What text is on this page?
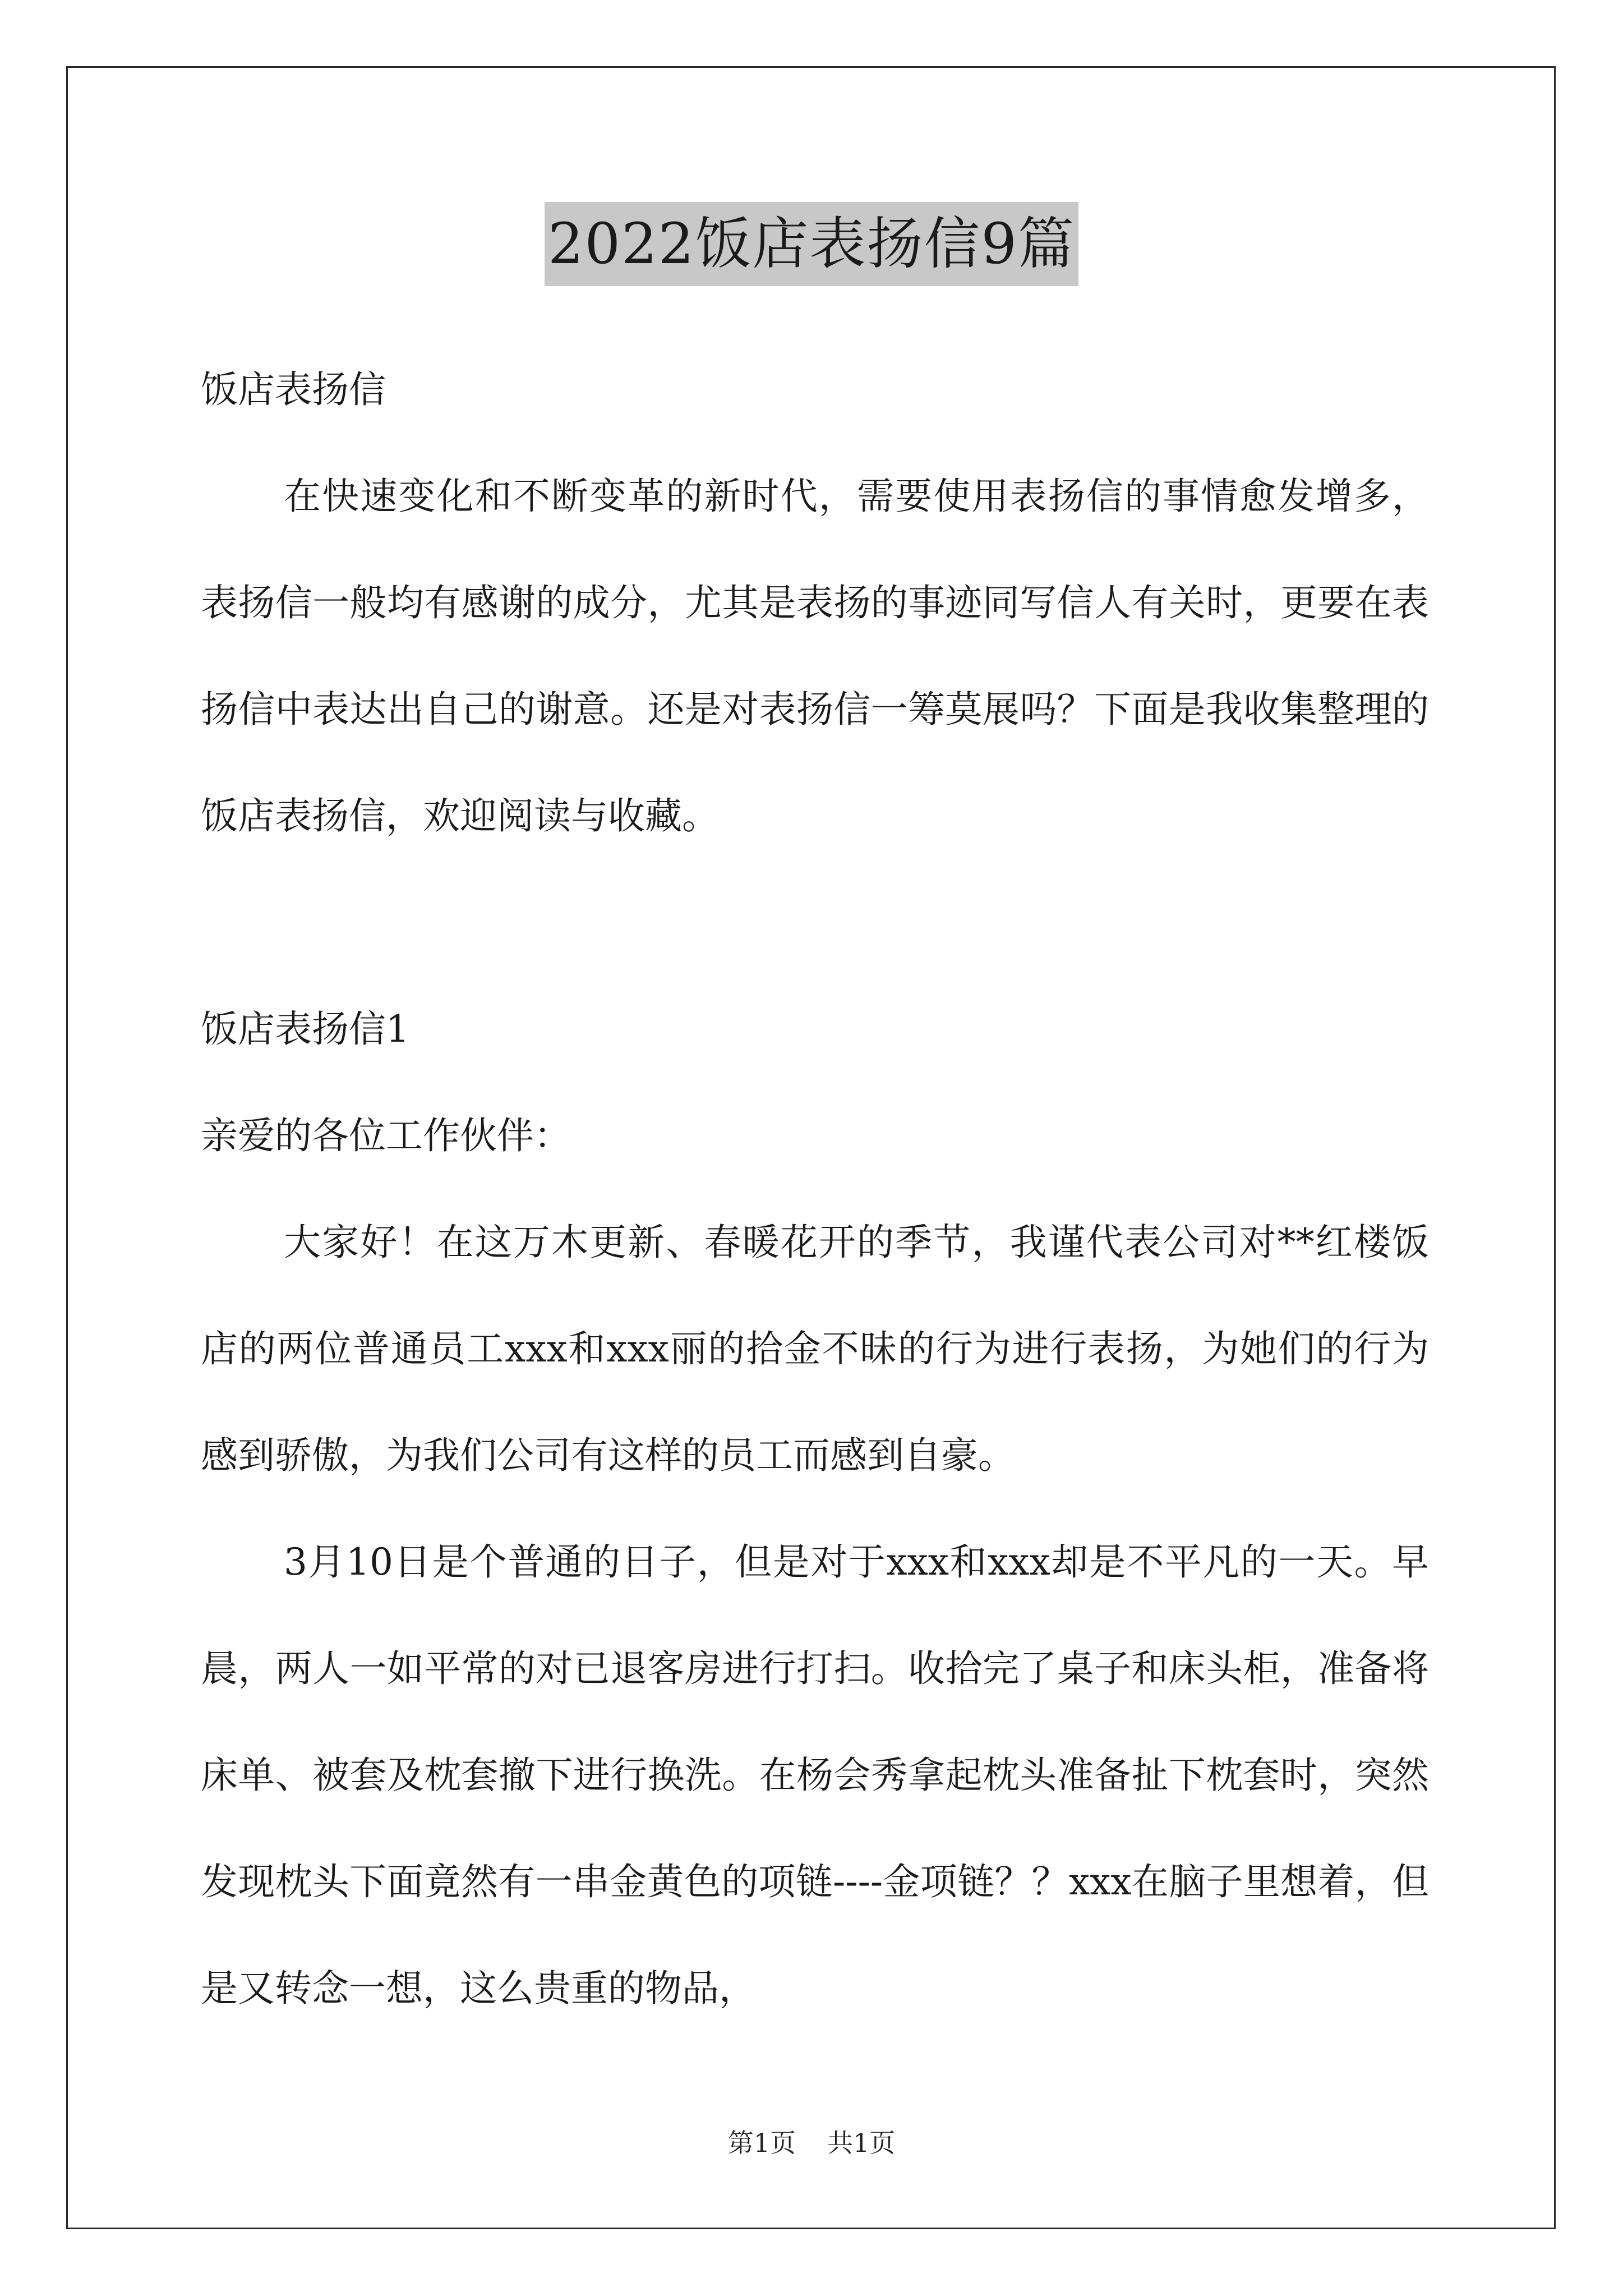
2022饭店表扬信9篇

饭店表扬信

在快速变化和不断变革的新时代，需要使用表扬信的事情愈发增多，表扬信一般均有感谢的成分，尤其是表扬的事迹同写信人有关时，更要在表扬信中表达出自己的谢意。还是对表扬信一筹莫展吗？下面是我收集整理的饭店表扬信，欢迎阅读与收藏。

饭店表扬信1

亲爱的各位工作伙伴：

大家好！在这万木更新、春暖花开的季节，我谨代表公司对**红楼饭店的两位普通员工xxx和xxx丽的拾金不昧的行为进行表扬，为她们的行为感到骄傲，为我们公司有这样的员工而感到自豪。

3月10日是个普通的日子，但是对于xxx和xxx却是不平凡的一天。早晨，两人一如平常的对已退客房进行打扫。收拾完了桌子和床头柜，准备将床单、被套及枕套撤下进行换洗。在杨会秀拿起枕头准备扯下枕套时，突然发现枕头下面竟然有一串金黄色的项链----金项链？？xxx在脑子里想着，但是又转念一想，这么贵重的物品，

第1页 共1页
